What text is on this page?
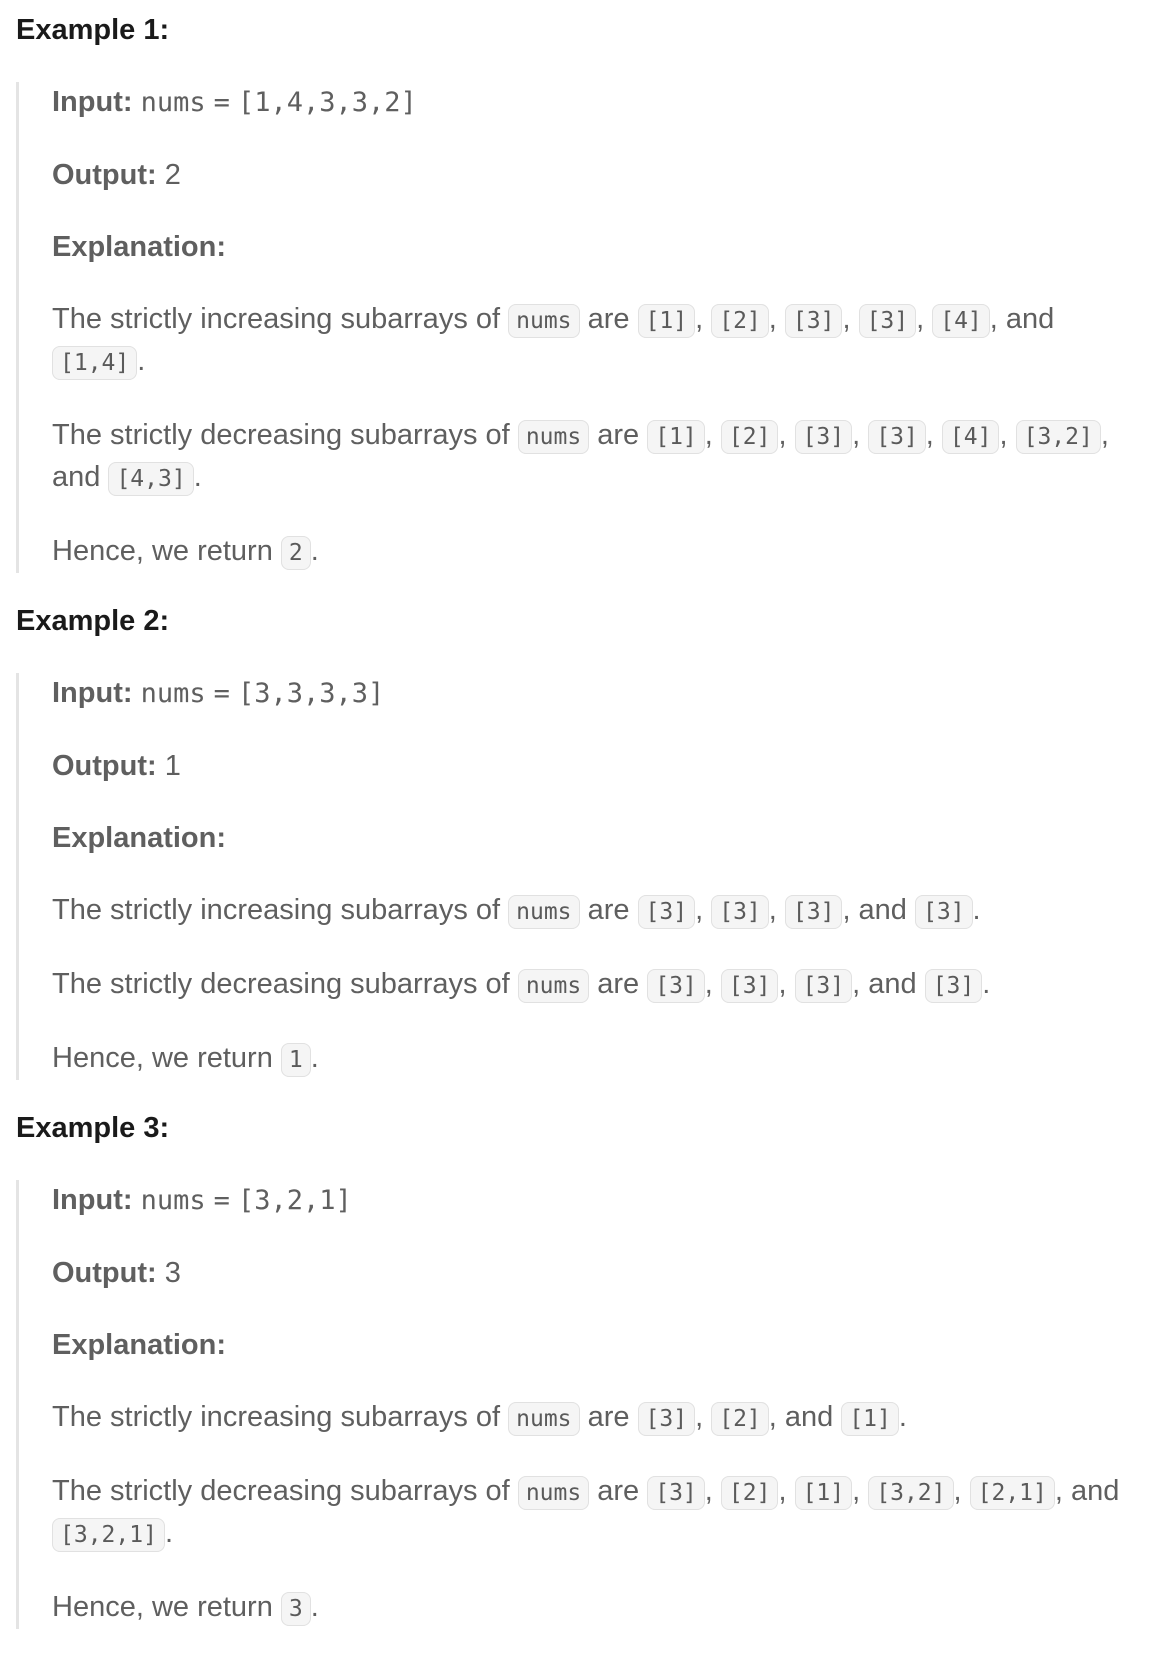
Example 1:

Input: nums = [1,4,3,3,2]

Output: 2

Explanation:

The strictly increasing subarrays of nums are [1] , [2] , [3] , [3] , [4] , and [1,4] .

The strictly decreasing subarrays of nums are [1] , [2] , [3] , [3] , [4] , [3,2] , and [4,3] .

Hence, we return 2 .

Example 2:

Input: nums = [3,3,3,3]

Output: 1

Explanation:

The strictly increasing subarrays of nums are [3] , [3] , [3] , and [3] .

The strictly decreasing subarrays of nums are [3] , [3] , [3] , and [3] .

Hence, we return 1 .

Example 3:

Input: nums = [3,2,1]

Output: 3

Explanation:

The strictly increasing subarrays of nums are [3] , [2] , and [1] .

The strictly decreasing subarrays of nums are [3] , [2] , [1] , [3,2] , [2,1] , and [3,2,1] .

Hence, we return 3 .
